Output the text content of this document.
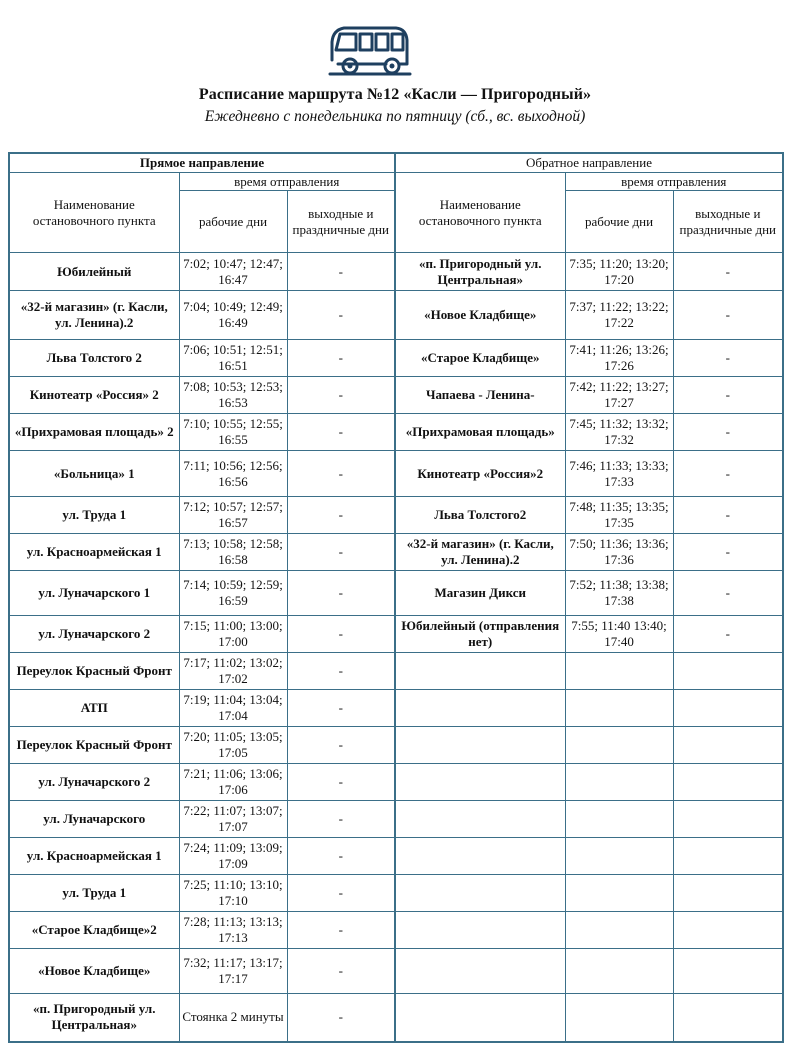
Расписание маршрута №12 «Касли — Пригородный»
Ежедневно с понедельника по пятницу (сб., вс. выходной)
Прямое направление			Обратное направление		
Наименование остановочного пункта	время отправления		Наименование остановочного пункта	время отправления	
	рабочие дни	выходные и праздничные дни		рабочие дни	выходные и праздничные дни
Юбилейный	7:02; 10:47; 12:47; 16:47	-	«п. Пригородный ул. Центральная»	7:35; 11:20; 13:20; 17:20	-
«32-й магазин» (г. Касли, ул. Ленина).2	7:04; 10:49; 12:49; 16:49	-	«Новое Кладбище»	7:37; 11:22; 13:22; 17:22	-
Льва Толстого 2	7:06; 10:51; 12:51; 16:51	-	«Старое Кладбище»	7:41; 11:26; 13:26; 17:26	-
Кинотеатр «Россия» 2	7:08; 10:53; 12:53; 16:53	-	Чапаева - Ленина-	7:42; 11:22; 13:27; 17:27	-
«Прихрамовая площадь» 2	7:10; 10:55; 12:55; 16:55	-	«Прихрамовая площадь»	7:45; 11:32; 13:32; 17:32	-
«Больница» 1	7:11; 10:56; 12:56; 16:56	-	Кинотеатр «Россия»2	7:46; 11:33; 13:33; 17:33	-
ул. Труда 1	7:12; 10:57; 12:57; 16:57	-	Льва Толстого2	7:48; 11:35; 13:35; 17:35	-
ул. Красноармейская 1	7:13; 10:58; 12:58; 16:58	-	«32-й магазин» (г. Касли, ул. Ленина).2	7:50; 11:36; 13:36; 17:36	-
ул. Луначарского 1	7:14; 10:59; 12:59; 16:59	-	Магазин Дикси	7:52; 11:38; 13:38; 17:38	-
ул. Луначарского 2	7:15; 11:00; 13:00; 17:00	-	Юбилейный (отправления нет)	7:55; 11:40 13:40; 17:40	-
Переулок Красный Фронт	7:17; 11:02; 13:02; 17:02	-			
АТП	7:19; 11:04; 13:04; 17:04	-			
Переулок Красный Фронт	7:20; 11:05; 13:05; 17:05	-			
ул. Луначарского 2	7:21; 11:06; 13:06; 17:06	-			
ул. Луначарского	7:22; 11:07; 13:07; 17:07	-			
ул. Красноармейская 1	7:24; 11:09; 13:09; 17:09	-			
ул. Труда 1	7:25; 11:10; 13:10; 17:10	-			
«Старое Кладбище»2	7:28; 11:13; 13:13; 17:13	-			
«Новое Кладбище»	7:32; 11:17; 13:17; 17:17	-			
«п. Пригородный ул. Центральная»	Стоянка 2 минуты	-			
